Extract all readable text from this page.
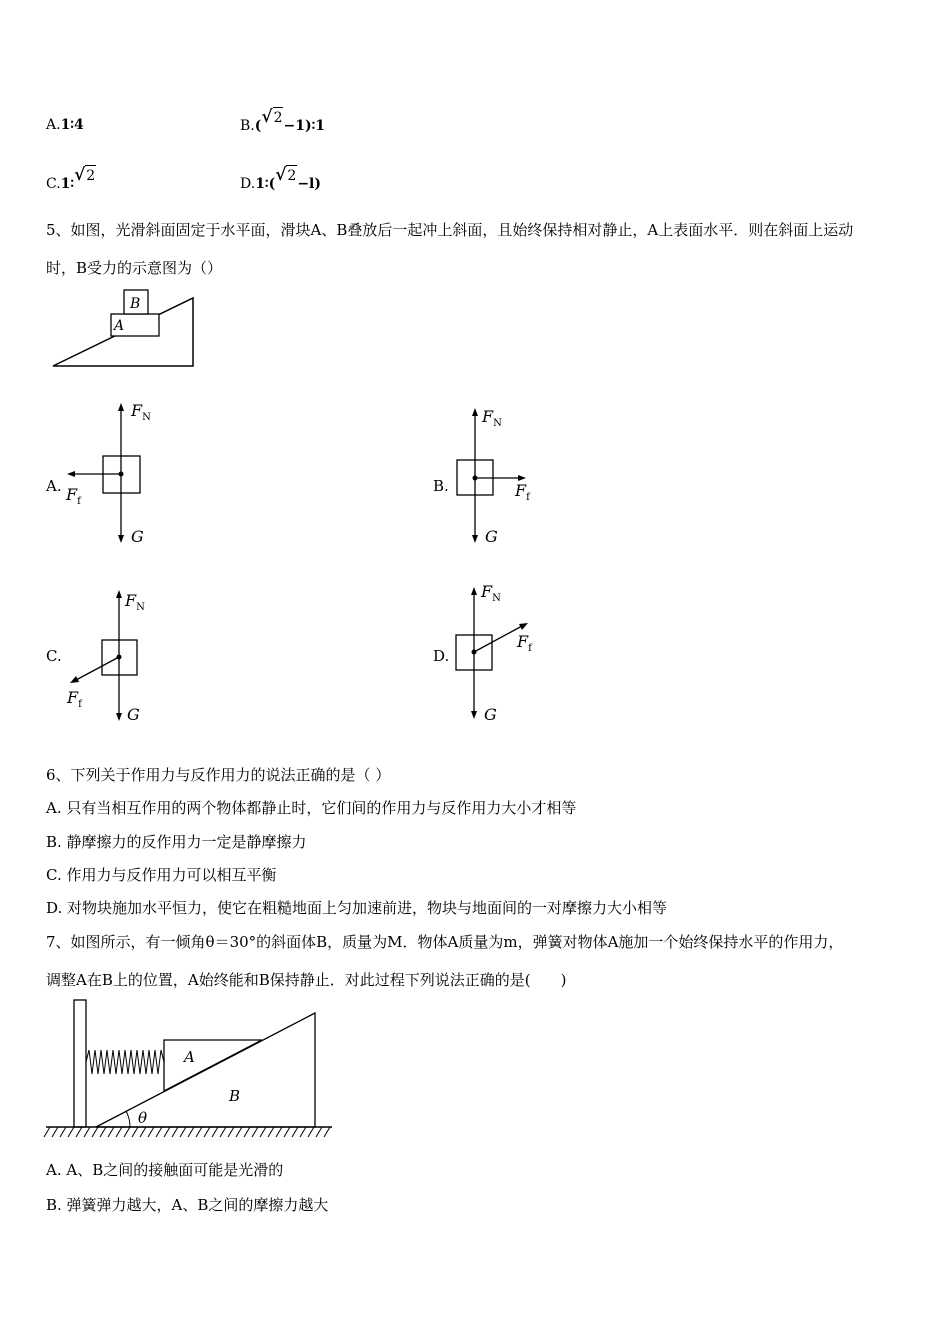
A.1∶4	B.(√2−1)∶1
C.1∶√2	D.1∶(√2−l)
5、如图，光滑斜面固定于水平面，滑块A、B叠放后一起冲上斜面，且始终保持相对静止，A上表面水平．则在斜面上运动
时，B受力的示意图为（）
A
B
A.
$F_N$
$F_f$
G
B.
$F_N$
$F_f$
G
C.
$F_N$
$F_f$
G
D.
$F_N$
$F_f$
G
6、下列关于作用力与反作用力的说法正确的是（ ）
A. 只有当相互作用的两个物体都静止时，它们间的作用力与反作用力大小才相等
B. 静摩擦力的反作用力一定是静摩擦力
C. 作用力与反作用力可以相互平衡
D. 对物块施加水平恒力，使它在粗糙地面上匀加速前进，物块与地面间的一对摩擦力大小相等
7、如图所示，有一倾角θ＝30°的斜面体B，质量为M．物体A质量为m，弹簧对物体A施加一个始终保持水平的作用力，
调整A在B上的位置，A始终能和B保持静止．对此过程下列说法正确的是(　　)
A
B
θ
A. A、B之间的接触面可能是光滑的
B. 弹簧弹力越大，A、B之间的摩擦力越大
